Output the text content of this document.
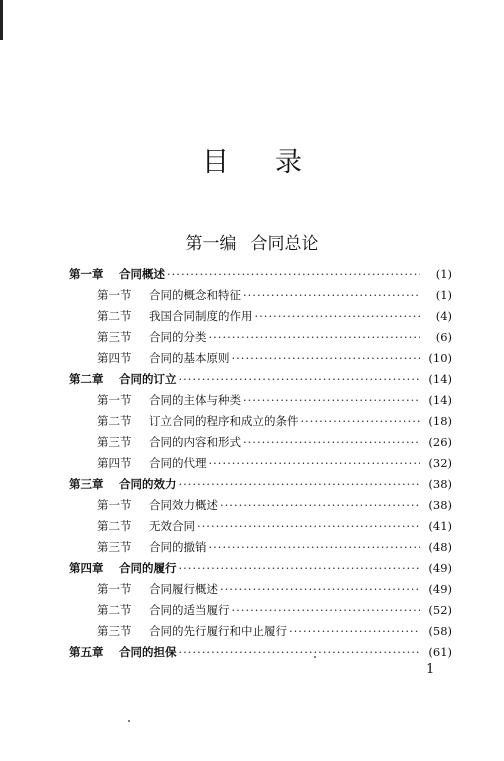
目录
第一编 合同总论
第一章	合同概述 ·····	(1)
第一节	合同的概念和特征 ·····	(1)
第二节	我国合同制度的作用 ·····	(4)
第三节	合同的分类 ·····	(6)
第四节	合同的基本原则 ·····	(10)
第二章	合同的订立 ·····	(14)
第一节	合同的主体与种类 ·····	(14)
第二节	订立合同的程序和成立的条件 ·····	(18)
第三节	合同的内容和形式 ·····	(26)
第四节	合同的代理 ·····	(32)
第三章	合同的效力 ·····	(38)
第一节	合同效力概述 ·····	(38)
第二节	无效合同 ·····	(41)
第三节	合同的撤销 ·····	(48)
第四章	合同的履行 ·····	(49)
第一节	合同履行概述 ·····	(49)
第二节	合同的适当履行 ·····	(52)
第三节	合同的先行履行和中止履行 ·····	(58)
第五章	合同的担保 ·····	(61)
1
